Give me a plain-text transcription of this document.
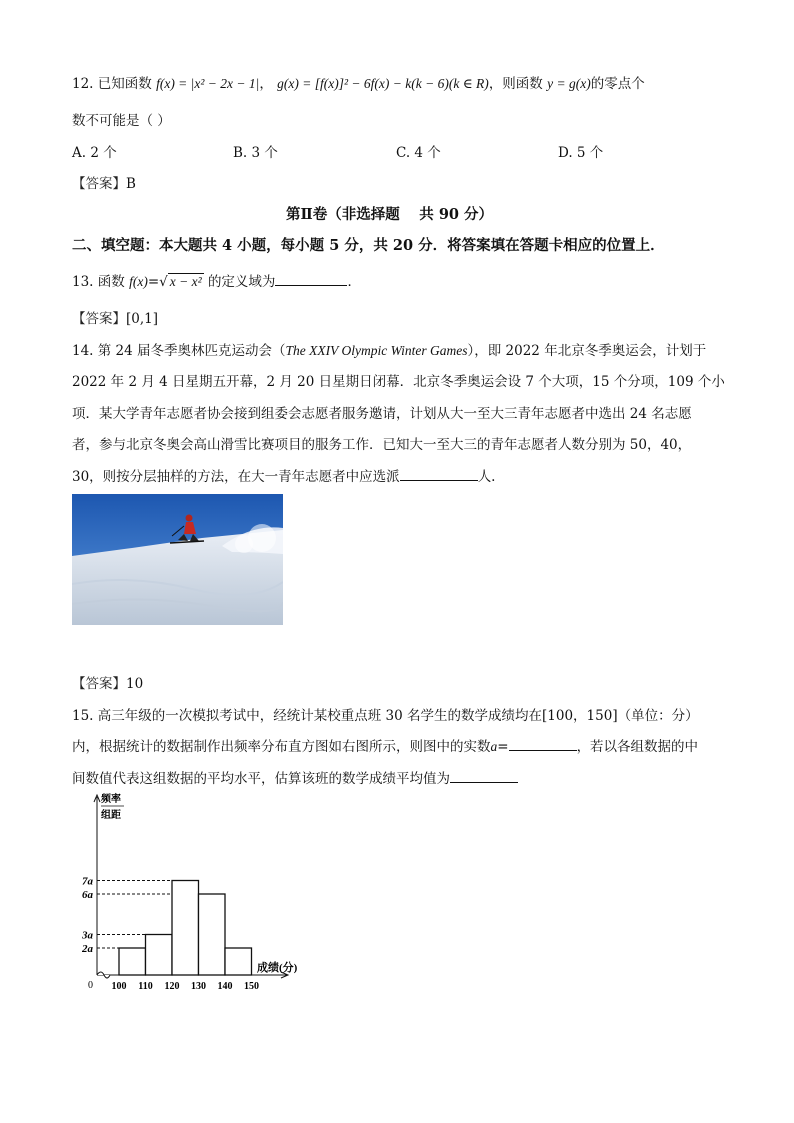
12. 已知函数 f(x) = |x² − 2x − 1|， g(x) = [f(x)]² − 6f(x) − k(k − 6)(k ∈ R)，则函数 y = g(x)的零点个
数不可能是（ ）
A. 2 个	B. 3 个	C. 4 个	D. 5 个
【答案】B
第Ⅱ卷（非选择题　 共 90 分）
二、填空题：本大题共 4 小题，每小题 5 分，共 20 分．将答案填在答题卡相应的位置上．
13. 函数 f(x)=√ x − x² 的定义域为	．
【答案】[0,1]
14. 第 24 届冬季奥林匹克运动会（The XXIV Olympic Winter Games），即 2022 年北京冬季奥运会，计划于
2022 年 2 月 4 日星期五开幕，2 月 20 日星期日闭幕．北京冬季奥运会设 7 个大项，15 个分项，109 个小
项．某大学青年志愿者协会接到组委会志愿者服务邀请，计划从大一至大三青年志愿者中选出 24 名志愿
者，参与北京冬奥会高山滑雪比赛项目的服务工作．已知大一至大三的青年志愿者人数分别为 50，40，
30，则按分层抽样的方法，在大一青年志愿者中应选派	人.
【答案】10
15. 高三年级的一次模拟考试中，经统计某校重点班 30 名学生的数学成绩均在[100，150]（单位：分）
内，根据统计的数据制作出频率分布直方图如右图所示，则图中的实数a=	，若以各组数据的中
间数值代表这组数据的平均水平，估算该班的数学成绩平均值为
频率
组距
0
成绩(分)
2a
3a
6a
7a
100 110 120 130 140 150
